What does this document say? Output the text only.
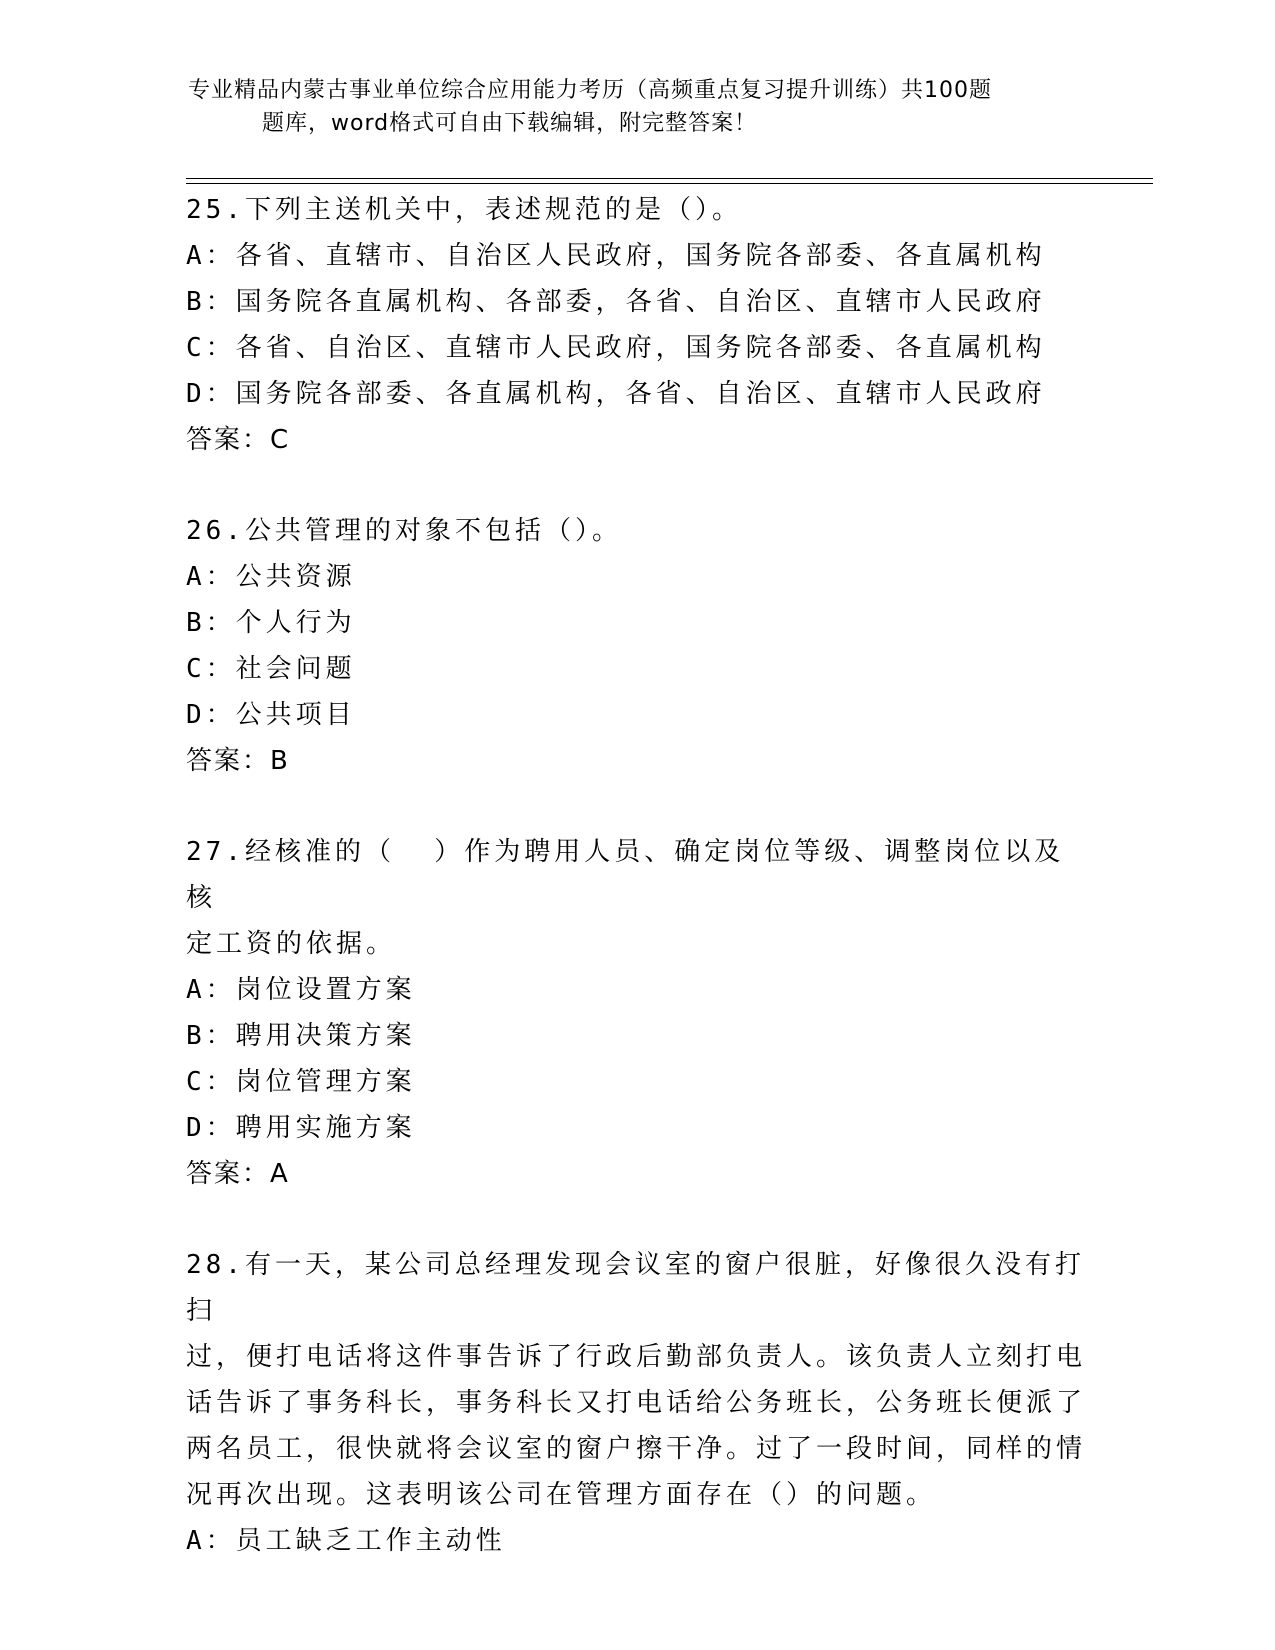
专业精品内蒙古事业单位综合应用能力考历（高频重点复习提升训练）共100题
题库，word格式可自由下载编辑，附完整答案！
25.下列主送机关中，表述规范的是（）。
A：各省、直辖市、自治区人民政府，国务院各部委、各直属机构
B：国务院各直属机构、各部委，各省、自治区、直辖市人民政府
C：各省、自治区、直辖市人民政府，国务院各部委、各直属机构
D：国务院各部委、各直属机构，各省、自治区、直辖市人民政府
答案：C
26.公共管理的对象不包括（）。
A：公共资源
B：个人行为
C：社会问题
D：公共项目
答案：B
27.经核准的（  ）作为聘用人员、确定岗位等级、调整岗位以及核
定工资的依据。
A：岗位设置方案
B：聘用决策方案
C：岗位管理方案
D：聘用实施方案
答案：A
28.有一天，某公司总经理发现会议室的窗户很脏，好像很久没有打扫
过，便打电话将这件事告诉了行政后勤部负责人。该负责人立刻打电
话告诉了事务科长，事务科长又打电话给公务班长，公务班长便派了
两名员工，很快就将会议室的窗户擦干净。过了一段时间，同样的情
况再次出现。这表明该公司在管理方面存在（）的问题。
A：员工缺乏工作主动性
